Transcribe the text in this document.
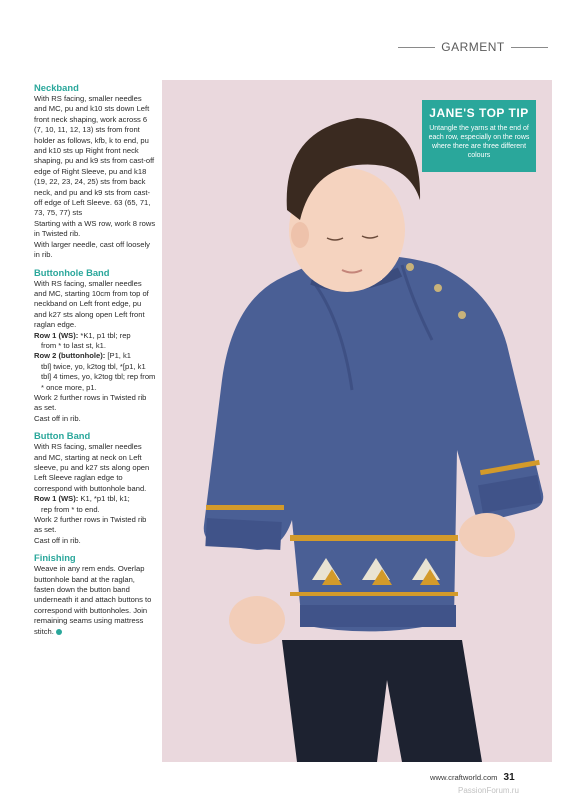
GARMENT
Neckband

With RS facing, smaller needles and MC, pu and k10 sts down Left front neck shaping, work across 6 (7, 10, 11, 12, 13) sts from front holder as follows, kfb, k to end, pu and k10 sts up Right front neck shaping, pu and k9 sts from cast-off edge of Right Sleeve, pu and k18 (19, 22, 23, 24, 25) sts from back neck, and pu and k9 sts from cast-off edge of Left Sleeve. 63 (65, 71, 73, 75, 77) sts

Starting with a WS row, work 8 rows in Twisted rib.

With larger needle, cast off loosely in rib.

Buttonhole Band

With RS facing, smaller needles and MC, starting 10cm from top of neckband on Left front edge, pu and k27 sts along open Left front raglan edge.

Row 1 (WS): *K1, p1 tbl; rep

from * to last st, k1.

Row 2 (buttonhole): [P1, k1

tbl] twice, yo, k2tog tbl, *[p1, k1 tbl] 4 times, yo, k2tog tbl; rep from * once more, p1.

Work 2 further rows in Twisted rib as set.

Cast off in rib.

Button Band

With RS facing, smaller needles and MC, starting at neck on Left sleeve, pu and k27 sts along open Left Sleeve raglan edge to correspond with buttonhole band.

Row 1 (WS): K1, *p1 tbl, k1;

rep from * to end.

Work 2 further rows in Twisted rib as set.

Cast off in rib.

Finishing

Weave in any rem ends. Overlap buttonhole band at the raglan, fasten down the button band underneath it and attach buttons to correspond with buttonholes. Join remaining seams using mattress stitch.

JANE'S TOP TIP
Untangle the yarns at the end of each row, especially on the rows where there are three different colours
www.craftworld.com 31
PassionForum.ru
